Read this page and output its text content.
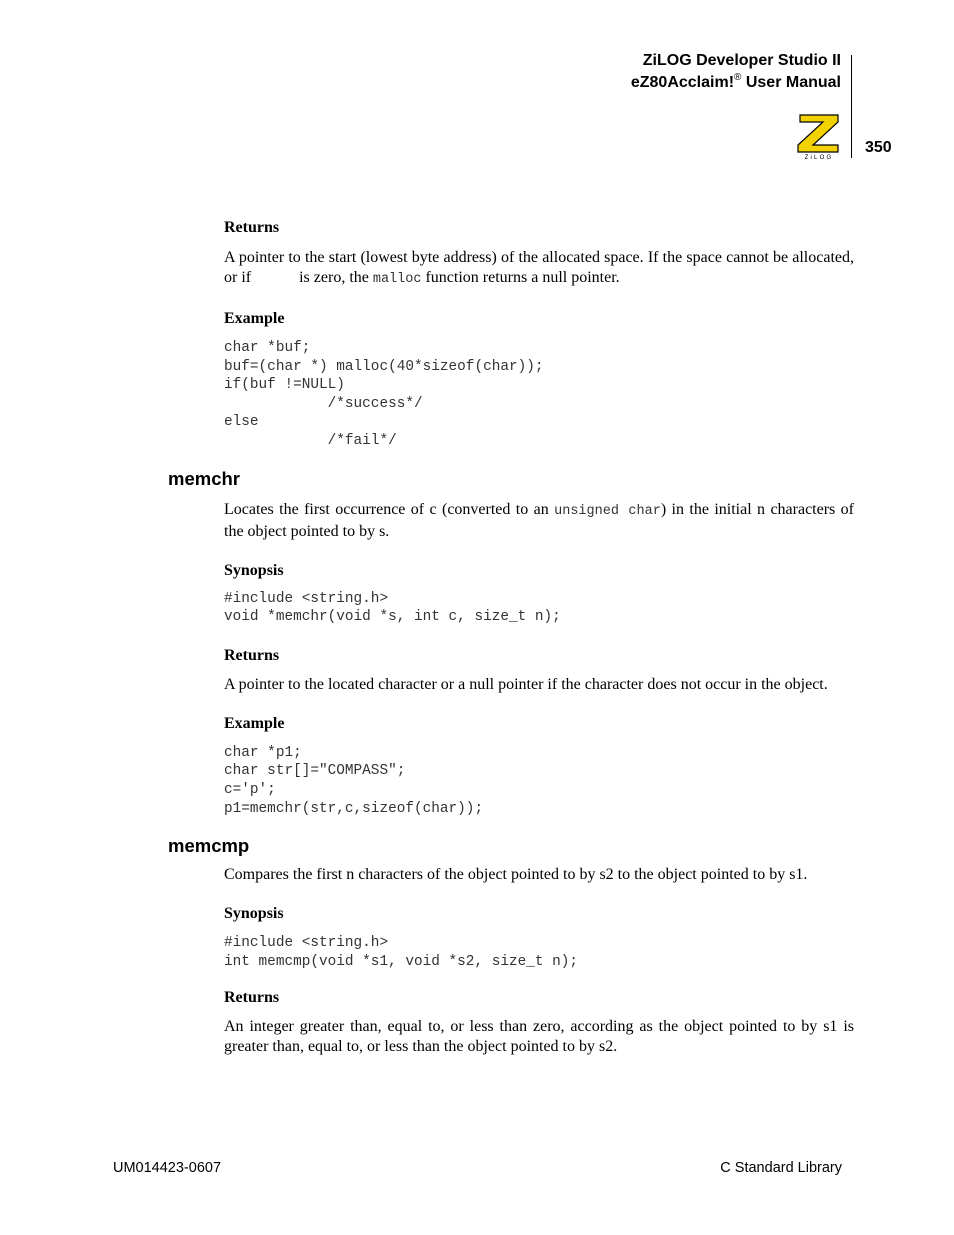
ZiLOG Developer Studio II
eZ80Acclaim!® User Manual
ZiLOG
350

Returns

A pointer to the start (lowest byte address) of the allocated space. If the space cannot be allocated, or if	is zero, the malloc function returns a null pointer.

Example

char *buf;
buf=(char *) malloc(40*sizeof(char));
if(buf !=NULL)
/*success*/
else
/*fail*/

memchr

Locates the first occurrence of c (converted to an unsigned char) in the initial n characters of the object pointed to by s.

Synopsis

#include <string.h>
void *memchr(void *s, int c, size_t n);

Returns

A pointer to the located character or a null pointer if the character does not occur in the object.

Example

char *p1;
char str[]="COMPASS";
c='p';
p1=memchr(str,c,sizeof(char));

memcmp

Compares the first n characters of the object pointed to by s2 to the object pointed to by s1.

Synopsis

#include <string.h>
int memcmp(void *s1, void *s2, size_t n);

Returns

An integer greater than, equal to, or less than zero, according as the object pointed to by s1 is greater than, equal to, or less than the object pointed to by s2.

UM014423-0607	C Standard Library
